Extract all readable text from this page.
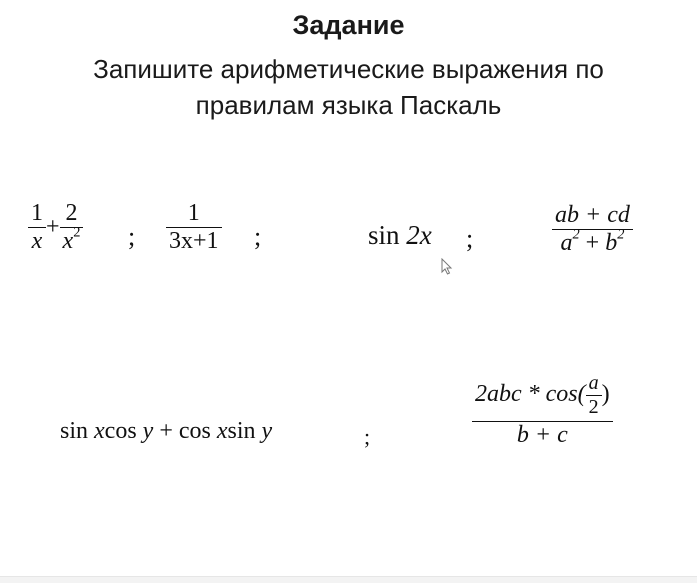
Задание
Запишите арифметические выражения по
правилам языка Паскаль
$\frac{1}{x} + \frac{2}{x^2}$ ; $\frac{1}{3x+1}$ ;	sin 2x ;	$\frac{ab + cd}{a^2 + b^2}$
sin xcos y + cos xsin y	;	$\frac{2abc * \cos( \frac{a}{2} )}{b + c}$
